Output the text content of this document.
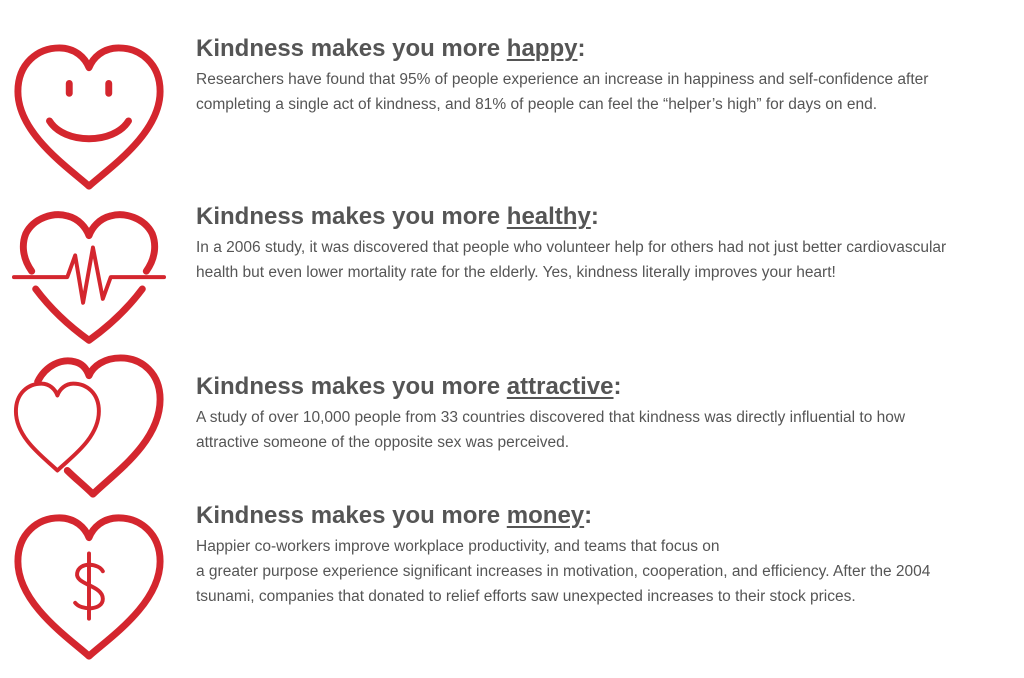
Kindness makes you more happy:

Researchers have found that 95% of people experience an increase in happiness and self-confidence after
completing a single act of kindness, and 81% of people can feel the “helper’s high” for days on end.

Kindness makes you more healthy:

In a 2006 study, it was discovered that people who volunteer help for others had not just better cardiovascular
health but even lower mortality rate for the elderly. Yes, kindness literally improves your heart!

Kindness makes you more attractive:

A study of over 10,000 people from 33 countries discovered that kindness was directly influential to how
attractive someone of the opposite sex was perceived.

Kindness makes you more money:

Happier co-workers improve workplace productivity, and teams that focus on
a greater purpose experience significant increases in motivation, cooperation, and efficiency. After the 2004
tsunami, companies that donated to relief efforts saw unexpected increases to their stock prices.
